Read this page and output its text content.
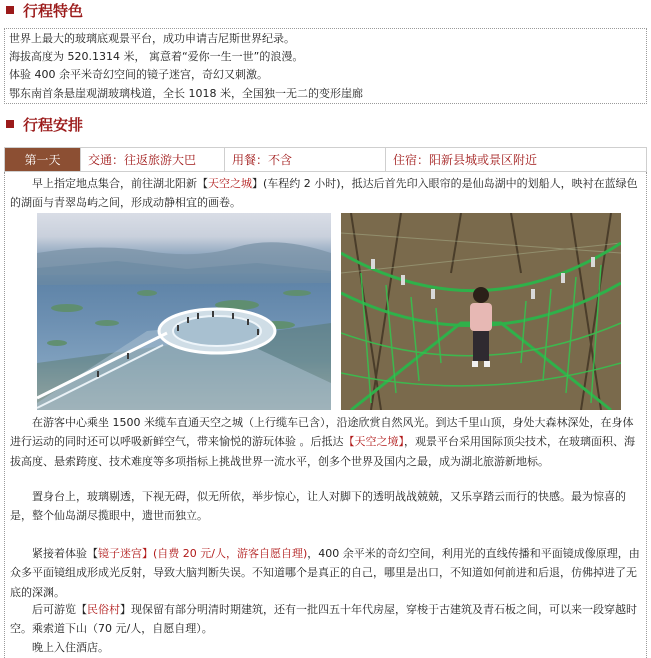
行程特色
世界上最大的玻璃底观景平台，成功申请吉尼斯世界纪录。
海拔高度为 520.1314 米， 寓意着“爱你一生一世”的浪漫。
体验 400 余平米奇幻空间的镜子迷宫，奇幻又刺激。
鄂东南首条悬崖观湖玻璃栈道，全长 1018 米，全国独一无二的变形崖廊
行程安排
第一天	交通：往返旅游大巴	用餐：不含	住宿：阳新县城或景区附近

早上指定地点集合，前往湖北阳新【天空之城】(车程约 2 小时)，抵达后首先印入眼帘的是仙岛湖中的划船人，映衬在蓝绿色的湖面与青翠岛屿之间，形成动静相宜的画卷。

在游客中心乘坐 1500 米缆车直通天空之城（上行缆车已含），沿途欣赏自然风光。到达千里山顶，身处大森林深处，在身体进行运动的同时还可以呼吸新鲜空气，带来愉悦的游玩体验 。后抵达【天空之境】，观景平台采用国际顶尖技术，在玻璃面积、海拔高度、悬索跨度、技术难度等多项指标上挑战世界一流水平，创多个世界及国内之最，成为湖北旅游新地标。

置身台上，玻璃剔透，下视无碍，似无所依，举步惊心，让人对脚下的透明战战兢兢，又乐享踏云而行的快感。最为惊喜的是，整个仙岛湖尽揽眼中，遗世而独立。

紧接着体验【镜子迷宫】(自费 20 元/人，游客自愿自理)，400 余平米的奇幻空间，利用光的直线传播和平面镜成像原理，由众多平面镜组成形成光反射，导致大脑判断失误。不知道哪个是真正的自己，哪里是出口，不知道如何前进和后退，仿佛掉进了无底的深渊。

后可游览【民俗村】现保留有部分明清时期建筑，还有一批四五十年代房屋，穿梭于古建筑及青石板之间，可以来一段穿越时空。乘索道下山（70 元/人，自愿自理）。

晚上入住酒店。
